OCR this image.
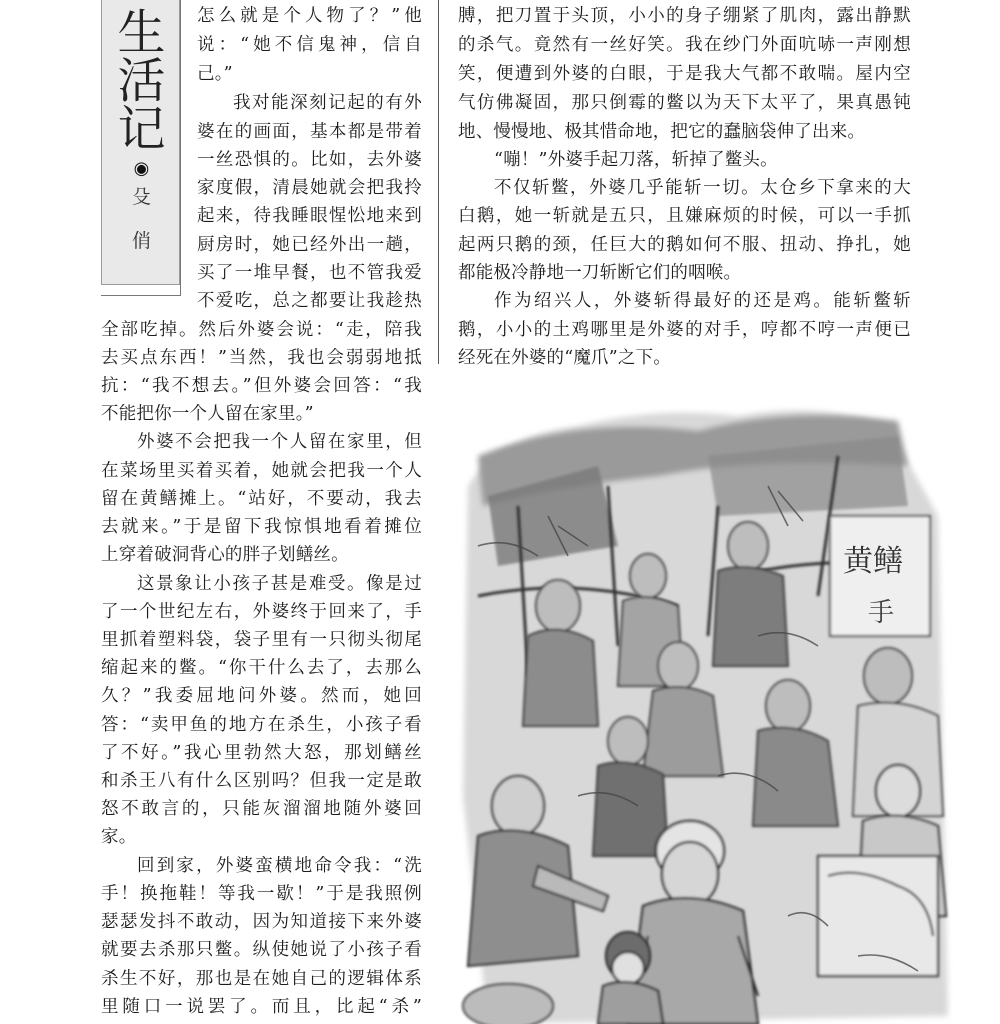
生
活
记
◉
殳
俏
怎么就是个人物了？”他
说：“她不信鬼神，信自
己。”
我对能深刻记起的有外
婆在的画面，基本都是带着
一丝恐惧的。比如，去外婆
家度假，清晨她就会把我拎
起来，待我睡眼惺忪地来到
厨房时，她已经外出一趟，
买了一堆早餐，也不管我爱
不爱吃，总之都要让我趁热
全部吃掉。然后外婆会说：“走，陪我
去买点东西！”当然，我也会弱弱地抵
抗：“我不想去。”但外婆会回答：“我
不能把你一个人留在家里。”
外婆不会把我一个人留在家里，但
在菜场里买着买着，她就会把我一个人
留在黄鳝摊上。“站好，不要动，我去
去就来。”于是留下我惊惧地看着摊位
上穿着破洞背心的胖子划鳝丝。
这景象让小孩子甚是难受。像是过
了一个世纪左右，外婆终于回来了，手
里抓着塑料袋，袋子里有一只彻头彻尾
缩起来的鳖。“你干什么去了，去那么
久？”我委屈地问外婆。然而，她回
答：“卖甲鱼的地方在杀生，小孩子看
了不好。”我心里勃然大怒，那划鳝丝
和杀王八有什么区别吗？但我一定是敢
怒不敢言的，只能灰溜溜地随外婆回
家。
回到家，外婆蛮横地命令我：“洗
手！换拖鞋！等我一歇！”于是我照例
瑟瑟发抖不敢动，因为知道接下来外婆
就要去杀那只鳖。纵使她说了小孩子看
杀生不好，那也是在她自己的逻辑体系
里随口一说罢了。而且，比起“杀”
膊，把刀置于头顶，小小的身子绷紧了肌肉，露出静默
的杀气。竟然有一丝好笑。我在纱门外面吭哧一声刚想
笑，便遭到外婆的白眼，于是我大气都不敢喘。屋内空
气仿佛凝固，那只倒霉的鳖以为天下太平了，果真愚钝
地、慢慢地、极其惜命地，把它的蠢脑袋伸了出来。
“嘣！”外婆手起刀落，斩掉了鳖头。
不仅斩鳖，外婆几乎能斩一切。太仓乡下拿来的大
白鹅，她一斩就是五只，且嫌麻烦的时候，可以一手抓
起两只鹅的颈，任巨大的鹅如何不服、扭动、挣扎，她
都能极冷静地一刀斩断它们的咽喉。
作为绍兴人，外婆斩得最好的还是鸡。能斩鳖斩
鹅，小小的土鸡哪里是外婆的对手，哼都不哼一声便已
经死在外婆的“魔爪”之下。
黄鳝
手
